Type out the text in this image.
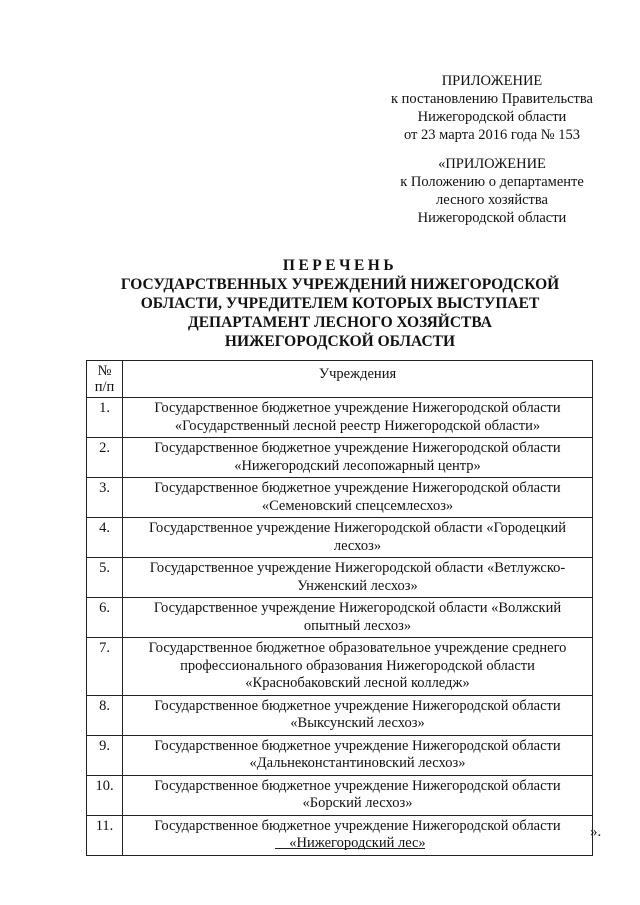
ПРИЛОЖЕНИЕ
к постановлению Правительства
Нижегородской области
от 23 марта 2016 года № 153
«ПРИЛОЖЕНИЕ
к Положению о департаменте
лесного хозяйства
Нижегородской области
ПЕРЕЧЕНЬ
ГОСУДАРСТВЕННЫХ УЧРЕЖДЕНИЙ НИЖЕГОРОДСКОЙ
ОБЛАСТИ, УЧРЕДИТЕЛЕМ КОТОРЫХ ВЫСТУПАЕТ
ДЕПАРТАМЕНТ ЛЕСНОГО ХОЗЯЙСТВА
НИЖЕГОРОДСКОЙ ОБЛАСТИ
№
п/п	Учреждения
1.	Государственное бюджетное учреждение Нижегородской области
«Государственный лесной реестр Нижегородской области»

2.	Государственное бюджетное учреждение Нижегородской области
«Нижегородский лесопожарный центр»

3.	Государственное бюджетное учреждение Нижегородской области
«Семеновский спецсемлесхоз»

4.	Государственное учреждение Нижегородской области «Городецкий
лесхоз»

5.	Государственное учреждение Нижегородской области «Ветлужско-
Унженский лесхоз»

6.	Государственное учреждение Нижегородской области «Волжский
опытный лесхоз»

7.	Государственное бюджетное образовательное учреждение среднего
профессионального образования Нижегородской области
«Краснобаковский лесной колледж»

8.	Государственное бюджетное учреждение Нижегородской области
«Выксунский лесхоз»

9.	Государственное бюджетное учреждение Нижегородской области
«Дальнеконстантиновский лесхоз»

10.	Государственное бюджетное учреждение Нижегородской области
«Борский лесхоз»

11.	Государственное бюджетное учреждение Нижегородской области
«Нижегородский лес»
».
